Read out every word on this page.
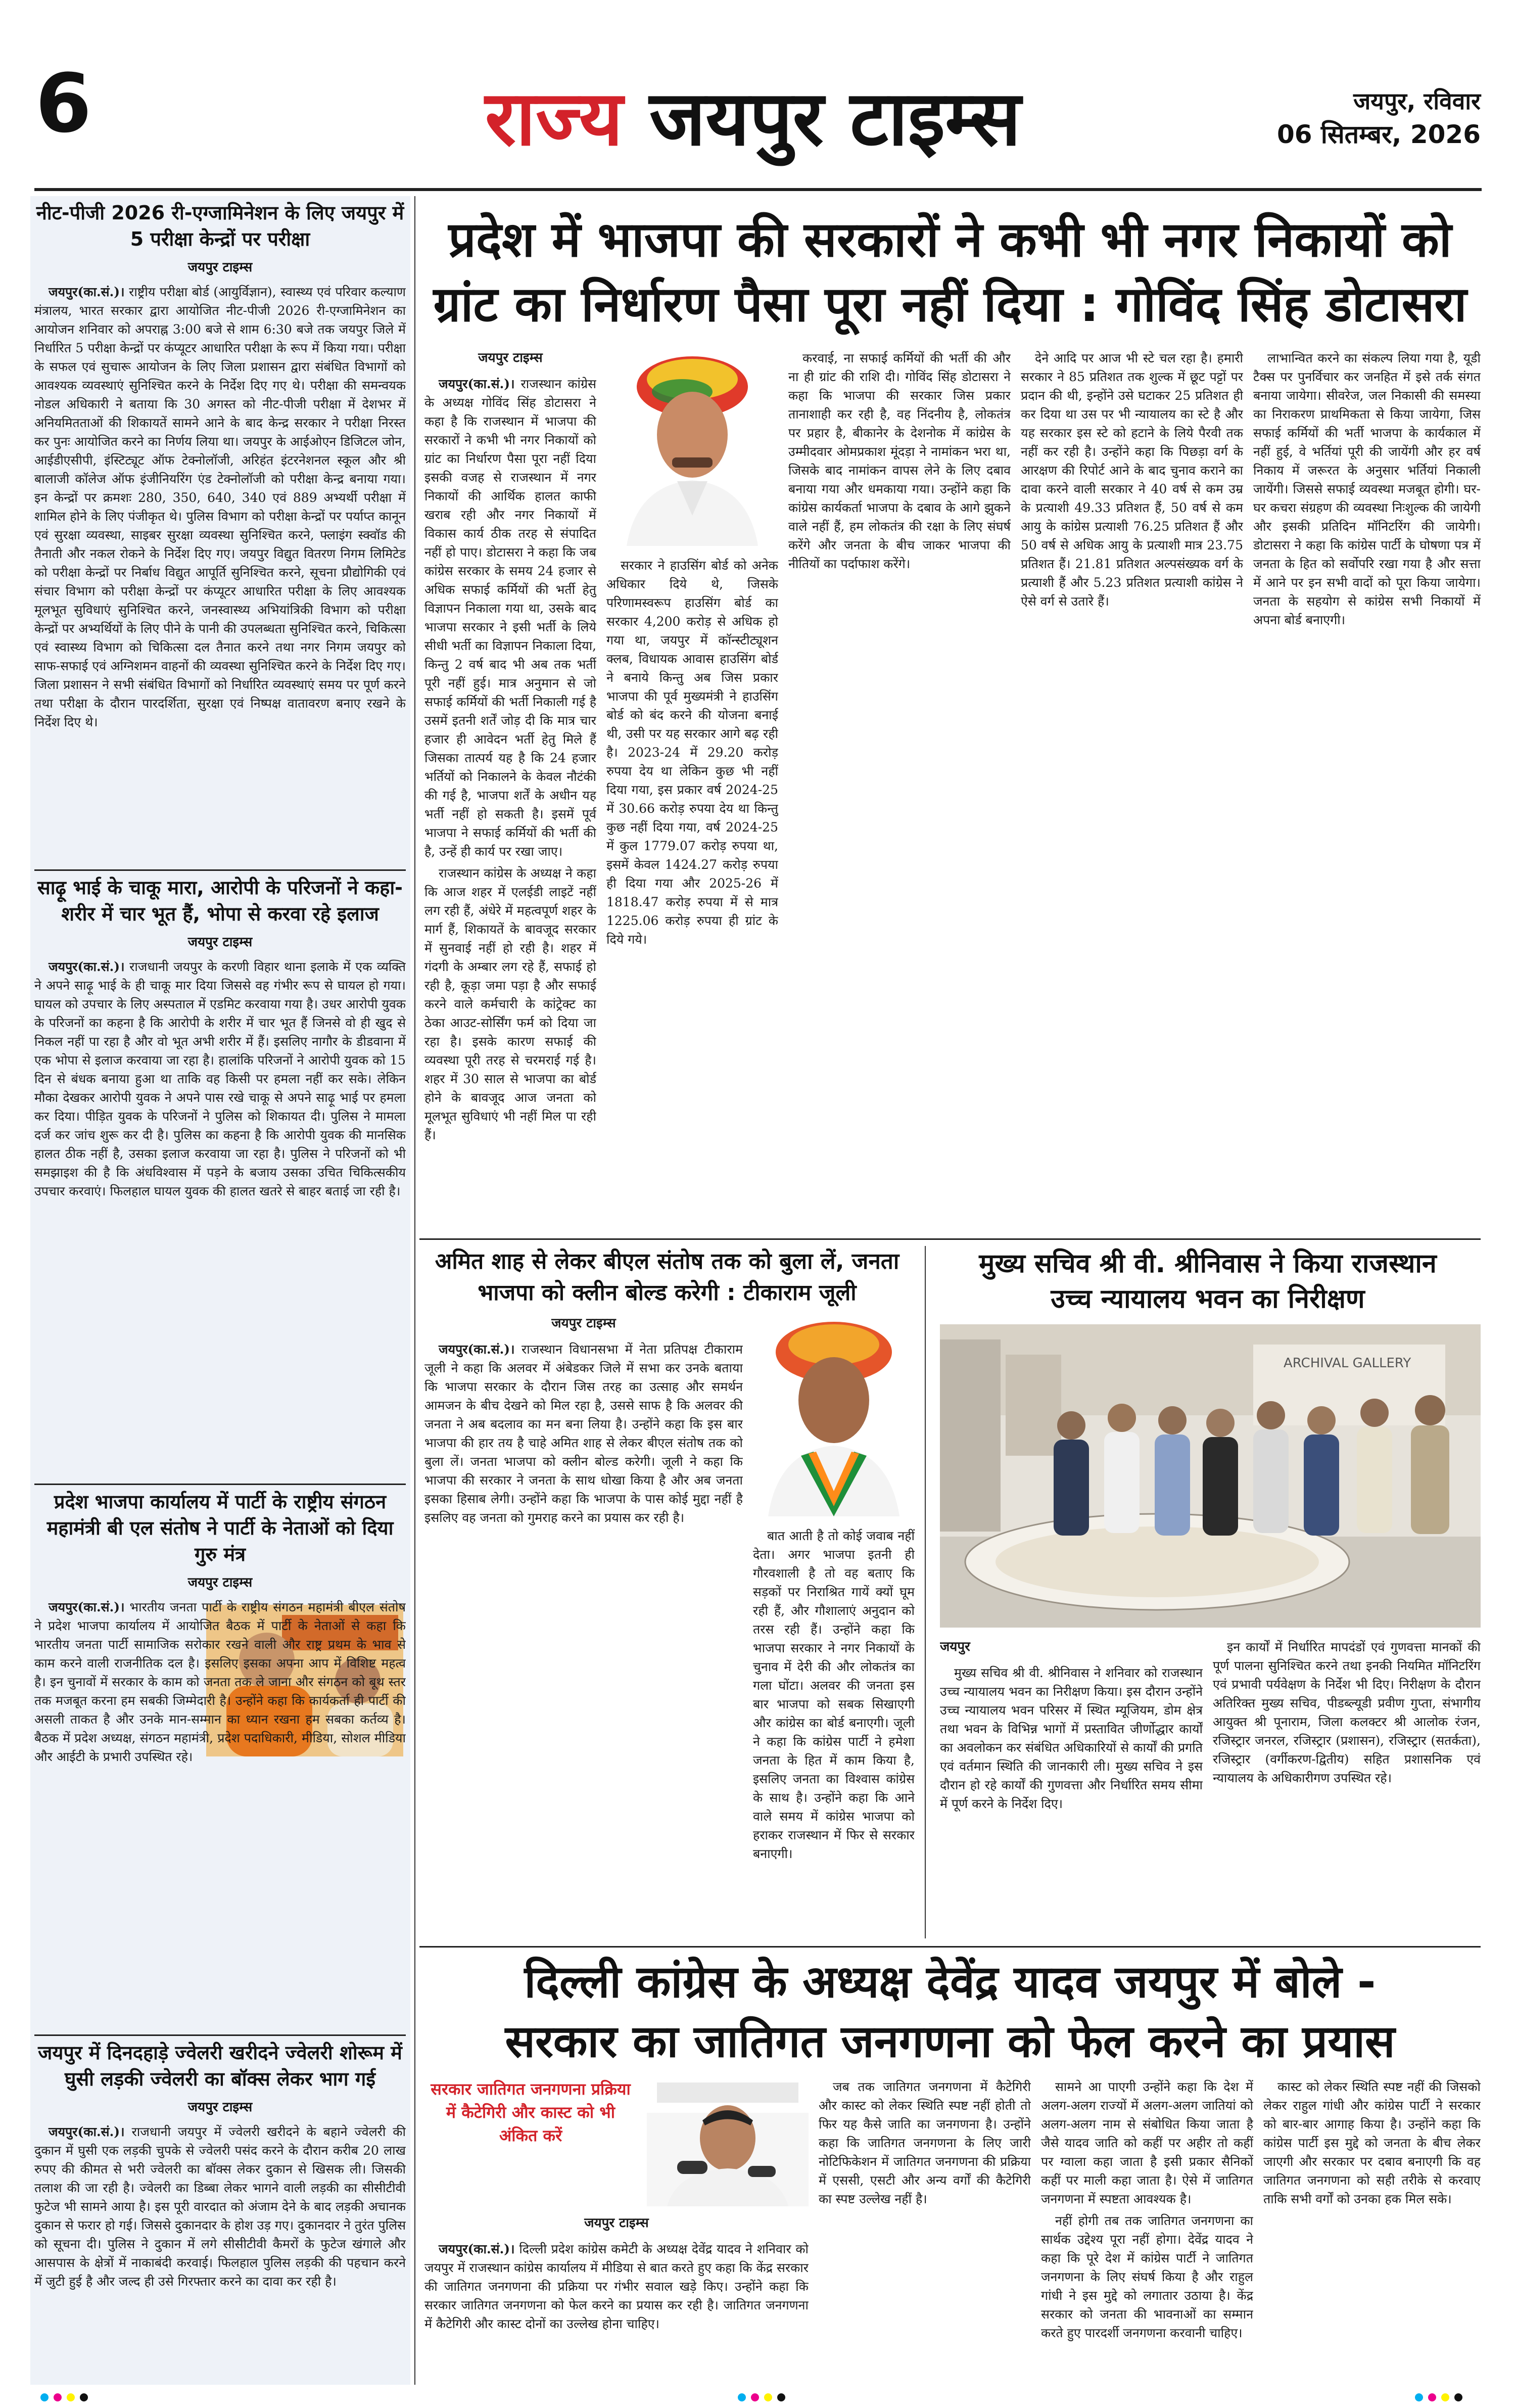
6	राज्य जयपुर टाइम्स	जयपुर, रविवार
06 सितम्बर, 2026
नीट-पीजी 2026 री-एग्जामिनेशन के लिए जयपुर में 5 परीक्षा केन्द्रों पर परीक्षा
जयपुर टाइम्स

जयपुर(का.सं.)। राष्ट्रीय परीक्षा बोर्ड (आयुर्विज्ञान), स्वास्थ्य एवं परिवार कल्याण मंत्रालय, भारत सरकार द्वारा आयोजित नीट-पीजी 2026 री-एग्जामिनेशन का आयोजन शनिवार को अपराह्न 3:00 बजे से शाम 6:30 बजे तक जयपुर जिले में निर्धारित 5 परीक्षा केन्द्रों पर कंप्यूटर आधारित परीक्षा के रूप में किया गया। परीक्षा के सफल एवं सुचारू आयोजन के लिए जिला प्रशासन द्वारा संबंधित विभागों को आवश्यक व्यवस्थाएं सुनिश्चित करने के निर्देश दिए गए थे। परीक्षा की समन्वयक नोडल अधिकारी ने बताया कि 30 अगस्त को नीट-पीजी परीक्षा में देशभर में अनियमितताओं की शिकायतें सामने आने के बाद केन्द्र सरकार ने परीक्षा निरस्त कर पुनः आयोजित करने का निर्णय लिया था। जयपुर के आईओएन डिजिटल जोन, आईडीएसीपी, इंस्टिट्यूट ऑफ टेक्नोलॉजी, अरिहंत इंटरनेशनल स्कूल और श्री बालाजी कॉलेज ऑफ इंजीनियरिंग एंड टेक्नोलॉजी को परीक्षा केन्द्र बनाया गया। इन केन्द्रों पर क्रमशः 280, 350, 640, 340 एवं 889 अभ्यर्थी परीक्षा में शामिल होने के लिए पंजीकृत थे। पुलिस विभाग को परीक्षा केन्द्रों पर पर्याप्त कानून एवं सुरक्षा व्यवस्था, साइबर सुरक्षा व्यवस्था सुनिश्चित करने, फ्लाइंग स्क्वॉड की तैनाती और नकल रोकने के निर्देश दिए गए। जयपुर विद्युत वितरण निगम लिमिटेड को परीक्षा केन्द्रों पर निर्बाध विद्युत आपूर्ति सुनिश्चित करने, सूचना प्रौद्योगिकी एवं संचार विभाग को परीक्षा केन्द्रों पर कंप्यूटर आधारित परीक्षा के लिए आवश्यक मूलभूत सुविधाएं सुनिश्चित करने, जनस्वास्थ्य अभियांत्रिकी विभाग को परीक्षा केन्द्रों पर अभ्यर्थियों के लिए पीने के पानी की उपलब्धता सुनिश्चित करने, चिकित्सा एवं स्वास्थ्य विभाग को चिकित्सा दल तैनात करने तथा नगर निगम जयपुर को साफ-सफाई एवं अग्निशमन वाहनों की व्यवस्था सुनिश्चित करने के निर्देश दिए गए। जिला प्रशासन ने सभी संबंधित विभागों को निर्धारित व्यवस्थाएं समय पर पूर्ण करने तथा परीक्षा के दौरान पारदर्शिता, सुरक्षा एवं निष्पक्ष वातावरण बनाए रखने के निर्देश दिए थे।

साढ़ू भाई के चाकू मारा, आरोपी के परिजनों ने कहा- शरीर में चार भूत हैं, भोपा से करवा रहे इलाज
जयपुर टाइम्स

जयपुर(का.सं.)। राजधानी जयपुर के करणी विहार थाना इलाके में एक व्यक्ति ने अपने साढ़ू भाई के ही चाकू मार दिया जिससे वह गंभीर रूप से घायल हो गया। घायल को उपचार के लिए अस्पताल में एडमिट करवाया गया है। उधर आरोपी युवक के परिजनों का कहना है कि आरोपी के शरीर में चार भूत हैं जिनसे वो ही खुद से निकल नहीं पा रहा है और वो भूत अभी शरीर में हैं। इसलिए नागौर के डीडवाना में एक भोपा से इलाज करवाया जा रहा है। हालांकि परिजनों ने आरोपी युवक को 15 दिन से बंधक बनाया हुआ था ताकि वह किसी पर हमला नहीं कर सके। लेकिन मौका देखकर आरोपी युवक ने अपने पास रखे चाकू से अपने साढ़ू भाई पर हमला कर दिया। पीड़ित युवक के परिजनों ने पुलिस को शिकायत दी। पुलिस ने मामला दर्ज कर जांच शुरू कर दी है। पुलिस का कहना है कि आरोपी युवक की मानसिक हालत ठीक नहीं है, उसका इलाज करवाया जा रहा है। पुलिस ने परिजनों को भी समझाइश की है कि अंधविश्वास में पड़ने के बजाय उसका उचित चिकित्सकीय उपचार करवाएं। फिलहाल घायल युवक की हालत खतरे से बाहर बताई जा रही है।

प्रदेश भाजपा कार्यालय में पार्टी के राष्ट्रीय संगठन महामंत्री बी एल संतोष ने पार्टी के नेताओं को दिया गुरु मंत्र
जयपुर टाइम्स

जयपुर(का.सं.)। भारतीय जनता पार्टी के राष्ट्रीय संगठन महामंत्री बीएल संतोष ने प्रदेश भाजपा कार्यालय में आयोजित बैठक में पार्टी के नेताओं से कहा कि भारतीय जनता पार्टी सामाजिक सरोकार रखने वाली और राष्ट्र प्रथम के भाव से काम करने वाली राजनीतिक दल है। इसलिए इसका अपना आप में विशिष्ट महत्व है। इन चुनावों में सरकार के काम को जनता तक ले जाना और संगठन को बूथ स्तर तक मजबूत करना हम सबकी जिम्मेदारी है। उन्होंने कहा कि कार्यकर्ता ही पार्टी की असली ताकत है और उनके मान-सम्मान का ध्यान रखना हम सबका कर्तव्य है। बैठक में प्रदेश अध्यक्ष, संगठन महामंत्री, प्रदेश पदाधिकारी, मीडिया, सोशल मीडिया और आईटी के प्रभारी उपस्थित रहे।

जयपुर में दिनदहाड़े ज्वेलरी खरीदने ज्वेलरी शोरूम में घुसी लड़की ज्वेलरी का बॉक्स लेकर भाग गई
जयपुर टाइम्स

जयपुर(का.सं.)। राजधानी जयपुर में ज्वेलरी खरीदने के बहाने ज्वेलरी की दुकान में घुसी एक लड़की चुपके से ज्वेलरी पसंद करने के दौरान करीब 20 लाख रुपए की कीमत से भरी ज्वेलरी का बॉक्स लेकर दुकान से खिसक ली। जिसकी तलाश की जा रही है। ज्वेलरी का डिब्बा लेकर भागने वाली लड़की का सीसीटीवी फुटेज भी सामने आया है। इस पूरी वारदात को अंजाम देने के बाद लड़की अचानक दुकान से फरार हो गई। जिससे दुकानदार के होश उड़ गए। दुकानदार ने तुरंत पुलिस को सूचना दी। पुलिस ने दुकान में लगे सीसीटीवी कैमरों के फुटेज खंगाले और आसपास के क्षेत्रों में नाकाबंदी करवाई। फिलहाल पुलिस लड़की की पहचान करने में जुटी हुई है और जल्द ही उसे गिरफ्तार करने का दावा कर रही है।

प्रदेश में भाजपा की सरकारों ने कभी भी नगर निकायों को
ग्रांट का निर्धारण पैसा पूरा नहीं दिया : गोविंद सिंह डोटासरा
जयपुर टाइम्स

जयपुर(का.सं.)। राजस्थान कांग्रेस के अध्यक्ष गोविंद सिंह डोटासरा ने कहा है कि राजस्थान में भाजपा की सरकारों ने कभी भी नगर निकायों को ग्रांट का निर्धारण पैसा पूरा नहीं दिया इसकी वजह से राजस्थान में नगर निकायों की आर्थिक हालत काफी खराब रही और नगर निकायों में विकास कार्य ठीक तरह से संपादित नहीं हो पाए। डोटासरा ने कहा कि जब कांग्रेस सरकार के समय 24 हजार से अधिक सफाई कर्मियों की भर्ती हेतु विज्ञापन निकाला गया था, उसके बाद भाजपा सरकार ने इसी भर्ती के लिये सीधी भर्ती का विज्ञापन निकाला दिया, किन्तु 2 वर्ष बाद भी अब तक भर्ती पूरी नहीं हुई। मात्र अनुमान से जो सफाई कर्मियों की भर्ती निकाली गई है उसमें इतनी शर्तें जोड़ दी कि मात्र चार हजार ही आवेदन भर्ती हेतु मिले हैं जिसका तात्पर्य यह है कि 24 हजार भर्तियों को निकालने के केवल नौटंकी की गई है, भाजपा शर्तें के अधीन यह भर्ती नहीं हो सकती है। इसमें पूर्व भाजपा ने सफाई कर्मियों की भर्ती की है, उन्हें ही कार्य पर रखा जाए।

राजस्थान कांग्रेस के अध्यक्ष ने कहा कि आज शहर में एलईडी लाइटें नहीं लग रही हैं, अंधेरे में महत्वपूर्ण शहर के मार्ग हैं, शिकायतें के बावजूद सरकार में सुनवाई नहीं हो रही है। शहर में गंदगी के अम्बार लग रहे हैं, सफाई हो रही है, कूड़ा जमा पड़ा है और सफाई करने वाले कर्मचारी के कांट्रेक्ट का ठेका आउट-सोर्सिंग फर्म को दिया जा रहा है। इसके कारण सफाई की व्यवस्था पूरी तरह से चरमराई गई है। शहर में 30 साल से भाजपा का बोर्ड होने के बावजूद आज जनता को मूलभूत सुविधाएं भी नहीं मिल पा रही हैं।

सरकार ने हाउसिंग बोर्ड को अनेक अधिकार दिये थे, जिसके परिणामस्वरूप हाउसिंग बोर्ड का सरकार 4,200 करोड़ से अधिक हो गया था, जयपुर में कॉन्स्टीट्यूशन क्लब, विधायक आवास हाउसिंग बोर्ड ने बनाये किन्तु अब जिस प्रकार भाजपा की पूर्व मुख्यमंत्री ने हाउसिंग बोर्ड को बंद करने की योजना बनाई थी, उसी पर यह सरकार आगे बढ़ रही है। 2023-24 में 29.20 करोड़ रुपया देय था लेकिन कुछ भी नहीं दिया गया, इस प्रकार वर्ष 2024-25 में 30.66 करोड़ रुपया देय था किन्तु कुछ नहीं दिया गया, वर्ष 2024-25 में कुल 1779.07 करोड़ रुपया था, इसमें केवल 1424.27 करोड़ रुपया ही दिया गया और 2025-26 में 1818.47 करोड़ रुपया में से मात्र 1225.06 करोड़ रुपया ही ग्रांट के दिये गये।

करवाई, ना सफाई कर्मियों की भर्ती की और ना ही ग्रांट की राशि दी। गोविंद सिंह डोटासरा ने कहा कि भाजपा की सरकार जिस प्रकार तानाशाही कर रही है, वह निंदनीय है, लोकतंत्र पर प्रहार है, बीकानेर के देशनोक में कांग्रेस के उम्मीदवार ओमप्रकाश मूंदड़ा ने नामांकन भरा था, जिसके बाद नामांकन वापस लेने के लिए दबाव बनाया गया और धमकाया गया। उन्होंने कहा कि कांग्रेस कार्यकर्ता भाजपा के दबाव के आगे झुकने वाले नहीं हैं, हम लोकतंत्र की रक्षा के लिए संघर्ष करेंगे और जनता के बीच जाकर भाजपा की नीतियों का पर्दाफाश करेंगे।

देने आदि पर आज भी स्टे चल रहा है। हमारी सरकार ने 85 प्रतिशत तक शुल्क में छूट पट्टों पर प्रदान की थी, इन्होंने उसे घटाकर 25 प्रतिशत ही कर दिया था उस पर भी न्यायालय का स्टे है और यह सरकार इस स्टे को हटाने के लिये पैरवी तक नहीं कर रही है। उन्होंने कहा कि पिछड़ा वर्ग के आरक्षण की रिपोर्ट आने के बाद चुनाव कराने का दावा करने वाली सरकार ने 40 वर्ष से कम उम्र के प्रत्याशी 49.33 प्रतिशत हैं, 50 वर्ष से कम आयु के कांग्रेस प्रत्याशी 76.25 प्रतिशत हैं और 50 वर्ष से अधिक आयु के प्रत्याशी मात्र 23.75 प्रतिशत हैं। 21.81 प्रतिशत अल्पसंख्यक वर्ग के प्रत्याशी हैं और 5.23 प्रतिशत प्रत्याशी कांग्रेस ने ऐसे वर्ग से उतारे हैं।

लाभान्वित करने का संकल्प लिया गया है, यूडी टैक्स पर पुनर्विचार कर जनहित में इसे तर्क संगत बनाया जायेगा। सीवरेज, जल निकासी की समस्या का निराकरण प्राथमिकता से किया जायेगा, जिस सफाई कर्मियों की भर्ती भाजपा के कार्यकाल में नहीं हुई, वे भर्तियां पूरी की जायेंगी और हर वर्ष निकाय में जरूरत के अनुसार भर्तियां निकाली जायेंगी। जिससे सफाई व्यवस्था मजबूत होगी। घर-घर कचरा संग्रहण की व्यवस्था निःशुल्क की जायेगी और इसकी प्रतिदिन मॉनिटरिंग की जायेगी। डोटासरा ने कहा कि कांग्रेस पार्टी के घोषणा पत्र में जनता के हित को सर्वोपरि रखा गया है और सत्ता में आने पर इन सभी वादों को पूरा किया जायेगा। जनता के सहयोग से कांग्रेस सभी निकायों में अपना बोर्ड बनाएगी।

अमित शाह से लेकर बीएल संतोष तक को बुला लें, जनता
भाजपा को क्लीन बोल्ड करेगी : टीकाराम जूली
जयपुर टाइम्स

जयपुर(का.सं.)। राजस्थान विधानसभा में नेता प्रतिपक्ष टीकाराम जूली ने कहा कि अलवर में अंबेडकर जिले में सभा कर उनके बताया कि भाजपा सरकार के दौरान जिस तरह का उत्साह और समर्थन आमजन के बीच देखने को मिल रहा है, उससे साफ है कि अलवर की जनता ने अब बदलाव का मन बना लिया है। उन्होंने कहा कि इस बार भाजपा की हार तय है चाहे अमित शाह से लेकर बीएल संतोष तक को बुला लें। जनता भाजपा को क्लीन बोल्ड करेगी। जूली ने कहा कि भाजपा की सरकार ने जनता के साथ धोखा किया है और अब जनता इसका हिसाब लेगी। उन्होंने कहा कि भाजपा के पास कोई मुद्दा नहीं है इसलिए वह जनता को गुमराह करने का प्रयास कर रही है।

बात आती है तो कोई जवाब नहीं देता। अगर भाजपा इतनी ही गौरवशाली है तो वह बताए कि सड़कों पर निराश्रित गायें क्यों घूम रही हैं, और गौशालाएं अनुदान को तरस रही हैं। उन्होंने कहा कि भाजपा सरकार ने नगर निकायों के चुनाव में देरी की और लोकतंत्र का गला घोंटा। अलवर की जनता इस बार भाजपा को सबक सिखाएगी और कांग्रेस का बोर्ड बनाएगी। जूली ने कहा कि कांग्रेस पार्टी ने हमेशा जनता के हित में काम किया है, इसलिए जनता का विश्वास कांग्रेस के साथ है। उन्होंने कहा कि आने वाले समय में कांग्रेस भाजपा को हराकर राजस्थान में फिर से सरकार बनाएगी।

मुख्य सचिव श्री वी. श्रीनिवास ने किया राजस्थान
उच्च न्यायालय भवन का निरीक्षण
ARCHIVAL GALLERY
जयपुर

मुख्य सचिव श्री वी. श्रीनिवास ने शनिवार को राजस्थान उच्च न्यायालय भवन का निरीक्षण किया। इस दौरान उन्होंने उच्च न्यायालय भवन परिसर में स्थित म्यूजियम, डोम क्षेत्र तथा भवन के विभिन्न भागों में प्रस्तावित जीर्णोद्धार कार्यों का अवलोकन कर संबंधित अधिकारियों से कार्यों की प्रगति एवं वर्तमान स्थिति की जानकारी ली। मुख्य सचिव ने इस दौरान हो रहे कार्यों की गुणवत्ता और निर्धारित समय सीमा में पूर्ण करने के निर्देश दिए।

इन कार्यों में निर्धारित मापदंडों एवं गुणवत्ता मानकों की पूर्ण पालना सुनिश्चित करने तथा इनकी नियमित मॉनिटरिंग एवं प्रभावी पर्यवेक्षण के निर्देश भी दिए। निरीक्षण के दौरान अतिरिक्त मुख्य सचिव, पीडब्ल्यूडी प्रवीण गुप्ता, संभागीय आयुक्त श्री पूनाराम, जिला कलक्टर श्री आलोक रंजन, रजिस्ट्रार जनरल, रजिस्ट्रार (प्रशासन), रजिस्ट्रार (सतर्कता), रजिस्ट्रार (वर्गीकरण-द्वितीय) सहित प्रशासनिक एवं न्यायालय के अधिकारीगण उपस्थित रहे।

दिल्ली कांग्रेस के अध्यक्ष देवेंद्र यादव जयपुर में बोले -
सरकार का जातिगत जनगणना को फेल करने का प्रयास
सरकार जातिगत जनगणना प्रक्रिया में कैटेगिरी और कास्ट को भी अंकित करें
जयपुर टाइम्स

जयपुर(का.सं.)। दिल्ली प्रदेश कांग्रेस कमेटी के अध्यक्ष देवेंद्र यादव ने शनिवार को जयपुर में राजस्थान कांग्रेस कार्यालय में मीडिया से बात करते हुए कहा कि केंद्र सरकार की जातिगत जनगणना की प्रक्रिया पर गंभीर सवाल खड़े किए। उन्होंने कहा कि सरकार जातिगत जनगणना को फेल करने का प्रयास कर रही है। जातिगत जनगणना में कैटेगिरी और कास्ट दोनों का उल्लेख होना चाहिए।

जब तक जातिगत जनगणना में कैटेगिरी और कास्ट को लेकर स्थिति स्पष्ट नहीं होती तो फिर यह कैसे जाति का जनगणना है। उन्होंने कहा कि जातिगत जनगणना के लिए जारी नोटिफिकेशन में जातिगत जनगणना की प्रक्रिया में एससी, एसटी और अन्य वर्गों की कैटेगिरी का स्पष्ट उल्लेख नहीं है।

सामने आ पाएगी उन्होंने कहा कि देश में अलग-अलग राज्यों में अलग-अलग जातियां को अलग-अलग नाम से संबोधित किया जाता है जैसे यादव जाति को कहीं पर अहीर तो कहीं पर ग्वाला कहा जाता है इसी प्रकार सैनिकों कहीं पर माली कहा जाता है। ऐसे में जातिगत जनगणना में स्पष्टता आवश्यक है।

नहीं होगी तब तक जातिगत जनगणना का सार्थक उद्देश्य पूरा नहीं होगा। देवेंद्र यादव ने कहा कि पूरे देश में कांग्रेस पार्टी ने जातिगत जनगणना के लिए संघर्ष किया है और राहुल गांधी ने इस मुद्दे को लगातार उठाया है। केंद्र सरकार को जनता की भावनाओं का सम्मान करते हुए पारदर्शी जनगणना करवानी चाहिए।

कास्ट को लेकर स्थिति स्पष्ट नहीं की जिसको लेकर राहुल गांधी और कांग्रेस पार्टी ने सरकार को बार-बार आगाह किया है। उन्होंने कहा कि कांग्रेस पार्टी इस मुद्दे को जनता के बीच लेकर जाएगी और सरकार पर दबाव बनाएगी कि वह जातिगत जनगणना को सही तरीके से करवाए ताकि सभी वर्गों को उनका हक मिल सके।
